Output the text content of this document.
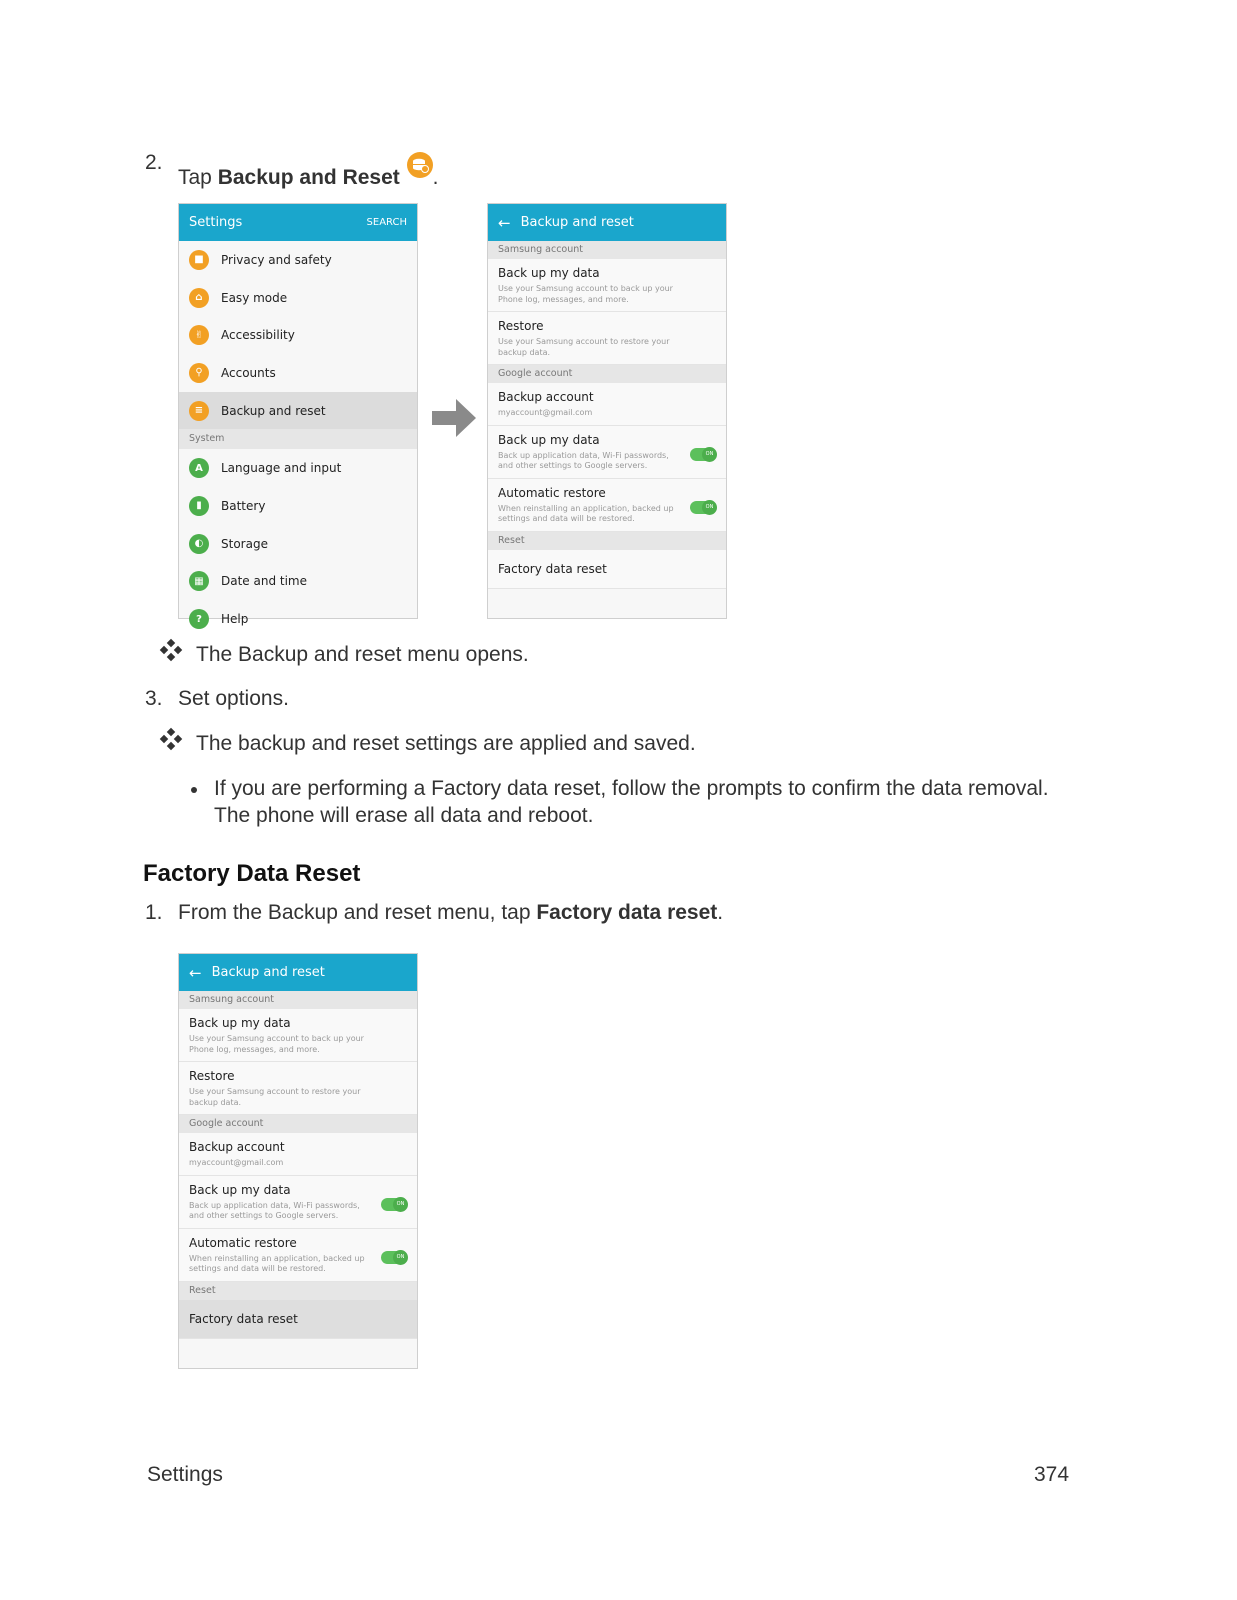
2.
Tap Backup and Reset .
Settings	SEARCH
■	Privacy and safety
⌂	Easy mode
✌	Accessibility
⚲	Accounts
≡	Backup and reset
System
A	Language and input
▮	Battery
◐	Storage
▦	Date and time
?	Help
← Backup and reset
Samsung account
Back up my data
Use your Samsung account to back up your Phone log, messages, and more.
Restore
Use your Samsung account to restore your backup data.
Google account
Backup account
myaccount@gmail.com
Back up my data
Back up application data, Wi-Fi passwords, and other settings to Google servers.
ON
Automatic restore
When reinstalling an application, backed up settings and data will be restored.
ON
Reset
Factory data reset
The Backup and reset menu opens.
3. Set options.
The backup and reset settings are applied and saved.
If you are performing a Factory data reset, follow the prompts to confirm the data removal.
The phone will erase all data and reboot.
Factory Data Reset
1. From the Backup and reset menu, tap Factory data reset.
← Backup and reset
Samsung account
Back up my data
Use your Samsung account to back up your Phone log, messages, and more.
Restore
Use your Samsung account to restore your backup data.
Google account
Backup account
myaccount@gmail.com
Back up my data
Back up application data, Wi-Fi passwords, and other settings to Google servers.
ON
Automatic restore
When reinstalling an application, backed up settings and data will be restored.
ON
Reset
Factory data reset
Settings	374
